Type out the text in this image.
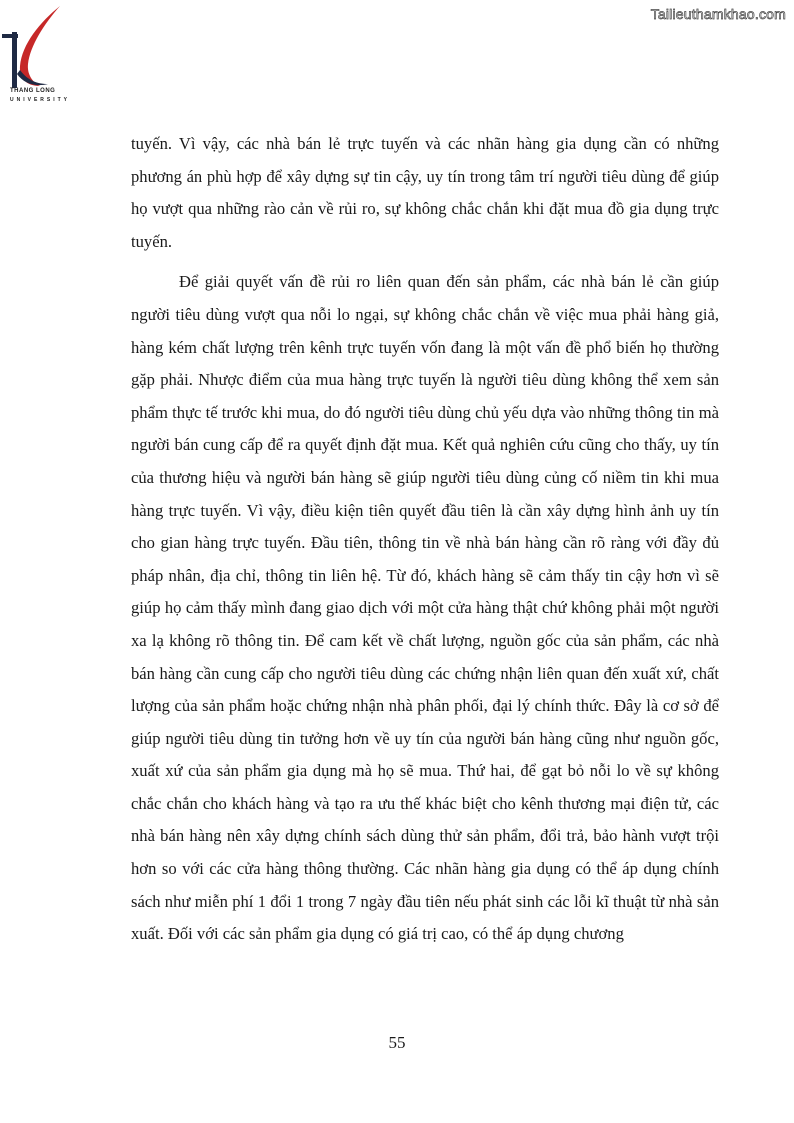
THANG LONG
UNIVERSITY
Tailieuthamkhao.com

tuyến. Vì vậy, các nhà bán lẻ trực tuyến và các nhãn hàng gia dụng cần có những phương án phù hợp để xây dựng sự tin cậy, uy tín trong tâm trí người tiêu dùng để giúp họ vượt qua những rào cản về rủi ro, sự không chắc chắn khi đặt mua đồ gia dụng trực tuyến.

Để giải quyết vấn đề rủi ro liên quan đến sản phẩm, các nhà bán lẻ cần giúp người tiêu dùng vượt qua nỗi lo ngại, sự không chắc chắn về việc mua phải hàng giả, hàng kém chất lượng trên kênh trực tuyến vốn đang là một vấn đề phổ biến họ thường gặp phải. Nhược điểm của mua hàng trực tuyến là người tiêu dùng không thể xem sản phẩm thực tế trước khi mua, do đó người tiêu dùng chủ yếu dựa vào những thông tin mà người bán cung cấp để ra quyết định đặt mua. Kết quả nghiên cứu cũng cho thấy, uy tín của thương hiệu và người bán hàng sẽ giúp người tiêu dùng củng cố niềm tin khi mua hàng trực tuyến. Vì vậy, điều kiện tiên quyết đầu tiên là cần xây dựng hình ảnh uy tín cho gian hàng trực tuyến. Đầu tiên, thông tin về nhà bán hàng cần rõ ràng với đầy đủ pháp nhân, địa chỉ, thông tin liên hệ. Từ đó, khách hàng sẽ cảm thấy tin cậy hơn vì sẽ giúp họ cảm thấy mình đang giao dịch với một cửa hàng thật chứ không phải một người xa lạ không rõ thông tin. Để cam kết về chất lượng, nguồn gốc của sản phẩm, các nhà bán hàng cần cung cấp cho người tiêu dùng các chứng nhận liên quan đến xuất xứ, chất lượng của sản phẩm hoặc chứng nhận nhà phân phối, đại lý chính thức. Đây là cơ sở để giúp người tiêu dùng tin tưởng hơn về uy tín của người bán hàng cũng như nguồn gốc, xuất xứ của sản phẩm gia dụng mà họ sẽ mua. Thứ hai, để gạt bỏ nỗi lo về sự không chắc chắn cho khách hàng và tạo ra ưu thế khác biệt cho kênh thương mại điện tử, các nhà bán hàng nên xây dựng chính sách dùng thử sản phẩm, đổi trả, bảo hành vượt trội hơn so với các cửa hàng thông thường. Các nhãn hàng gia dụng có thể áp dụng chính sách như miễn phí 1 đổi 1 trong 7 ngày đầu tiên nếu phát sinh các lỗi kĩ thuật từ nhà sản xuất. Đối với các sản phẩm gia dụng có giá trị cao, có thể áp dụng chương

55
